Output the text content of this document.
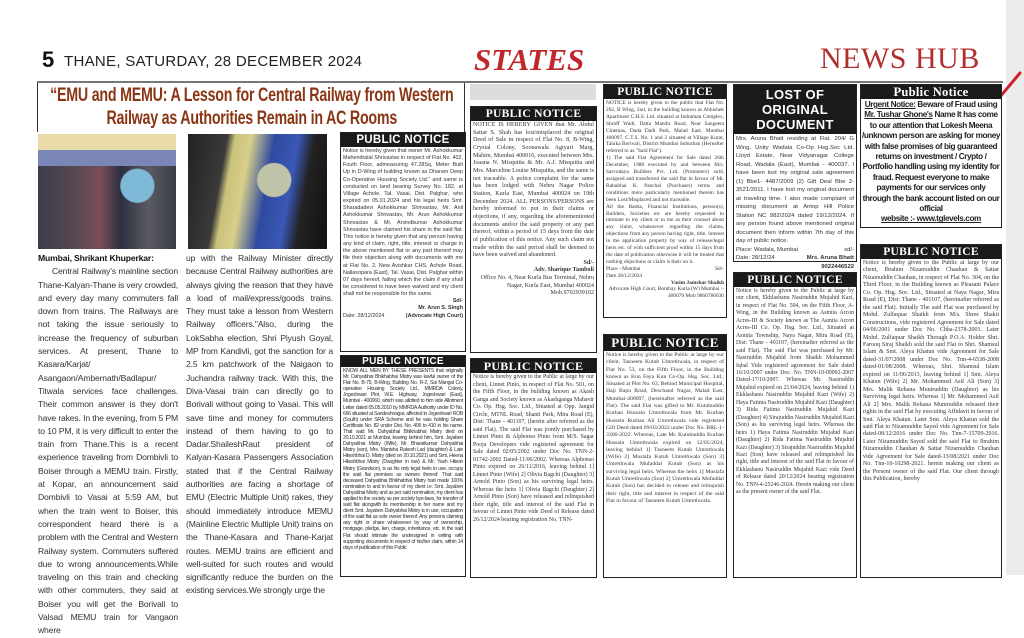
5 THANE, SATURDAY, 28 DECEMBER 2024	STATES	NEWS HUB
“EMU and MEMU: A Lesson for Central Railway from Western Railway as Authorities Remain in AC Rooms
Mumbai, Shrikant Khuperkar:
Central Railway's mainline section Thane-Kalyan-Thane is very crowded, and every day many commuters fall down from trains. The Railways are not taking the issue seriously to increase the frequency of suburban services. At present, Thane to Kasara/Karjat/ Asangaon/Ambernath/Badlapur/ Titwala services face challenges. Their common answer is they don't have rakes. In the evening, from 5 PM to 10 PM, it is very difficult to enter the train from Thane.This is a recent experience traveling from Dombivli to Boiser through a MEMU train. Firstly, at Kopar, an announcement said Dombivli to Vasai at 5:59 AM, but when the train went to Boiser, this correspondent heard there is a problem with the Central and Western Railway system. Commuters suffered due to wrong announcements.While traveling on this train and checking with other commuters, they said at Boiser you will get the Borivali to Valsad MEMU train for Vangaon where
up with the Railway Minister directly because Central Railway authorities are always giving the reason that they have a load of mail/express/goods trains. They must take a lesson from Western Railway officers."Also, during the LokSabha election, Shri Piyush Goyal, MP from Kandivli, got the sanction for a 2.5 km patchwork of the Naigaon to Juchandra railway track. With this, the Diva-Vasai train can directly go to Borivali without going to Vasai. This will save time and money for commuters instead of them having to go to Dadar.ShaileshRaut president of Kalyan-Kasara Passengers Association stated that if the Central Railway authorities are facing a shortage of EMU (Electric Multiple Unit) rakes, they should immediately introduce MEMU (Mainline Electric Multiple Unit) trains on the Thane-Kasara and Thane-Karjat routes. MEMU trains are efficient and well-suited for such routes and would significantly reduce the burden on the existing services.We strongly urge the
PUBLIC NOTICE

Notice is hereby given that owner Mr. Ashokkumar Mahendralal Shrivastav in respect of Flat No. 402, Fouth Floor, admeasuring 47.28Sq. Meter Built Up in D-Wing of building known as Dharam Deep Co-Operative Housing Society Ltd." and same is conducted on land bearing Survey No. 182, at Village Achole, Tal. Vasai, Dist. Palghar, who expired on 05.01.2024 and his legal heirs Smt. Sharadadevi Ashokkumar Shrivastav, Mr. Anil Ashokkumar Shrivastav, Mr. Arun Ashokkumar Shrivastav & Mr. Arvindkumar Ashokkumar Shrivastav have claimed his share in the said flat. This notice is hereby given that any person having any kind of claim, right, title, interest or charge in the above mentioned flat or any part thereof may file their objection along with documents with me at Flat No. 2, New Avishkar CHS, Achole Road, Nallasopara (East), Tal. Vasai, Dist. Palghar within 07 days hereof, failing which the claim if any shall be considered to have been waived and my client shall not be responsible for the same.

Sd/-
Mr. Arun S. Singh
Date: 28/12/2024	(Advocate High Court)
PUBLIC NOTICE
KNOW ALL MEN BY THESE PRESENTS that originally Mr. Dahyabhai Bhikhabhai Mistry was lawful owner of the Flat No. B-75, B-Wing, Building No. R-2, Sai Mangal Co-operative Housing Society Ltd., MMRDA Colony, Jogeshwari Plot, W.E. Highway, Jogeshwari (East), Mumbai - 400060, which was allotted to him vide Allotment Letter dated 05.05.2010 by MMRDA Authority under ID No. 666 situated at Sandeshnagar, affected in Jogeshwari ROB (South) under SRA Scheme and he was holding Share Certificate No. 82 under Dist. No. 406 to 410 in his name. That said Mr. Dahyabhai Bhikhabhai Mistry died on 20.10.2021 at Mumbai, leaving behind him, Smt. Jayaben Dahyabhai Mistry (Wife), Mr. Bharatkumar Dahyabhai Mistry (son), Mrs. Manisha Rakesh Lad (daughter) & Late Hiteshbhai D. Mistry (died on 20.10.2021) and Smt. Heena Hiteshbhai Mistry (Daughter in law) & Mr. Yash Hitesh Mistry (Grandson), is as his only legal heirs to use, occupy the said flat premises as owners thereof. That said deceased Dahyabhai Bhikhabhai Mistry had made 100% nomination to and in favour of my client i.e. Smt. Jayaben Dahyabhai Mistry and as per said nomination, my client has applied to the society as per society bye-laws, for transfer of said flat alongwith its membership in her name and my client Smt. Jayaben Dahyabhai Mistry is in use, occupation of the said flat as sole owner thereof. Any persons claiming any right or share whatsoever by way of ownership, mortgage, pledge, lien, charge, inheritance, etc. in the said Flat should intimate the undersigned in writing with supporting documents in respect of his/her claim, within 14 days of publication of this Public
PUBLIC NOTICE

NOTICE IS HEREBY GIVEN that Mr. Abdul Sattar S. Shah has lost/misplaced the original Deed of Sale in respect of Flat No. 8, B-Wing, Crystal Colony, Soonawala Agiyari Marg, Mahim, Mumbai 400016, executed between Mrs. Joaana N. Misquitta & Mr. A.J. Misquitta and Mrs. Marceline Louise Misquitta, and the same is not traceable. A police complaint for the same has been lodged with Nehru Nagar Police Station, Kurla East, Mumbai 400024 on 19th December 2024. ALL PERSONS/PERSONS are hereby informed to put in their claims or objections, if any, regarding the aforementioned documents and/or the said property or any part thereof, within a period of 15 days from the date of publication of this notice. Any such claim not made within the said period shall be deemed to have been waived and abandoned.

Sd/-
Adv. Sharique Tamboli
Office No. 4, Near Kurla Bus Terminal, Nehru Nagar, Kurla East, Mumbai 400024 Mob.9702939102
PUBLIC NOTICE
Notice is hereby given to the Public at large by our client, Linnet Pinto, in respect of Flat No. 501, on the Fifth Floor, in the building known as Akash Ganga and Society known as Akashganga Mahavir Co. Op. Hsg. Soc. Ltd., Situated at Opp. Jangid Circle, MTNL Road, Shanti Park, Mira Road (E), Dist: Thane - 401107, (herein after referred as the said Flat). The said Flat was jointly purchased by Linnet Pinto & Alphonso Pinto from M/S. Sagar Pooja Developers vide registered agreement for Sale dated 02/05/2002 under Doc No. TNN-2-01742-2002 Dated-11/06/2002. Whereas Alphonso Pinto expired on 26/11/2016, leaving behind 1] Linnet Pinto (Wife) 2] Olivia Bagchi (Daughter) 3] Arnold Pinto (Son) as his surviving legal heirs. Whereas the heirs 1] Olivia Bagchi (Daughter) 2] Arnold Pinto (Son) have released and relinquished their right, title and interest of the said Flat in favour of Linnet Pinto vide Deed of Release dated 26/12/2024 bearing registration No. TNN-
PUBLIC NOTICE

NOTICE is hereby given to the public that Flat No. 202, B Wing, 2nd, in the building known as Abhishek Apartment C.H.S. Ltd. situated at Indraman Complex, Shroff Wadi, Datta Mandir Road, Near Sangeeta Cinemas, Dada Dadi Park, Malad East, Mumbai 400097, C.T.S. No. 1 and 2 situated at Village Kurar, Taluka Borivali, District Mumbai Suburban (Hereafter referred to as "Said Flat").

1) The said Flat Agreement for Sale dated 26th December, 1988 executed by and between M/s. Sarvodaya Builders Pvt. Ltd. (Promoters) sold, assigned and transferred the said flat in favour of Mr. Bahubhai K. Panchal (Purchaser) terms and conditions more particularly mentioned therein has been Lost/Misplaced and not traceable.

All the Banks, Financial Institutions, person(s), Builders, Societies etc are hereby requested to intimate to my client or to me as their counsel about any claim, whatsoever regarding the claims, objections from any person having right, title, interest in the application property by way of release/legal heirs etc. of with sufficient proof within 15 days from the date of publication otherwise it will be treated that nothing objections or claim is their on it.

Place - Mumbai	Sd/-
Date 28/12/2024
Vasim Jamshar Shaikh
Advocate High Court, Bombay Kurla (W) Mumbai :- 400070 Mob 9860786030
PUBLIC NOTICE
Notice is hereby given to the Public at large by our client, Tasneem Kutub Umrethwala, in respect of Flat No. 53, on the Fifth Floor, in the Building known as Kun Faya Kun Co-Op. Hsg. Soc. Ltd., Situated at Plot No. 63, Behind Municipal Hospital, Haji Bapu Road, Deschand Nagar, Malad East, Mumbai-400097, (hereinafter referred as the said Flat). The said Flat was gifted to Mr. Kutubuddin Kurban Hussain Umrethwala from Mr. Kurban Hussein Rushan Ali Umrethwala vide registered Gift Deed dated 09/03/2022 under Doc No. BRL-1-3306-2022. Whereas, Late Mr. Kutubuddin Kurban Hussain Umrethwala expired on 12/05/2024, leaving behind 1] Tasneem Kutub Umrethwala (Wife) 2] Mustafa Kutub Umrethwala (Son) 3] Umrethwala Mufaddal Kutub (Son) as his surviving legal heirs. Whereas the heirs 1] Mustafa Kutub Umrethwala (Son) 2] Umrethwala Mufaddal Kutub (Son) has decided to release and relinquish their right, title and interest in respect of the said Flat in favour of Tasneem Kutub Umrethwala.
LOST OF ORIGINAL DOCUMENT

Mrs. Aruna Bhatt residing at Flat. 204/ G Wing, Unity Wadala Co-Op Hsg.Soc Ltd. Lloyd Estate, Near Vidyanagar College Road, Wadala (East), Mumbai - 400037. I have been lost my original sale agreement (1) Bbe1- 4487/2009 (2) Gift Deal Bbe 2- 3521/2011. I have lost my original document at traveling time. I also made complaint of missing document at Antop Hill Police Station NC 982/2024 dated 19/12/2024. If any person found above mentioned original document then inform within 7th day of this day of public notice.

Place: Wadala, Mumbai	sd/-
Date: 28/12/24	Mrs. Aruna Bhatt
9022446522
PUBLIC NOTICE
Notice is hereby given to the Public at large by our client, Ekhlasbanu Nasiruddin Mujahid Kazi, in respect of Flat No. 504, on the Fifth Floor, A-Wing, in the Building known as Asmita Arcon Acres-III & Society known as The Asmita Arcon Acres-III Co. Op. Hsg. Soc. Ltd., Situated at Asmita Township, Naya Nagar, Mira Road (E), Dist: Thane - 401107, (hereinafter referred as the said Flat). The said Flat was purchased by Mr. Nasiruddin Mujahid from Shaikh Mohammed Iqbal Vide registered agreement for Sale dated 16/10/2007 under Doc. No. TNN-10-09092-2007 Dated-17/10/2007. Whereas Mr. Nasiruddin Mujahid expired on 21/04/2024, leaving behind 1) Ekhlasbanu Nasiruddin Mujahid Kazi (Wife) 2) Haya Fatima Nasiruddin Mujahid Kazi (Daughter) 3) Rida Fatima Nasiruddin Mujahid Kazi (Daughter) 4) Sirajuddin Nasiruddin Mujahid Kazi (Son) as his surviving legal heirs. Whereas the heirs 1) Haya Fatima Nasiruddin Mujahid Kazi (Daughter) 2) Rida Fatima Nasiruddin Mujahid Kazi (Daughter) 3) Sirajuddin Nasiruddin Mujahid Kazi (Son) have released and relinquished his right, title and interest of the said Flat in favour of Ekhlasbanu Nasiruddin Mujahid Kazi vide Deed of Release dated 20/12/2024 bearing registration No. TNN-4-25246-2024. Herein making our client as the present owner of the said Flat.
Public Notice
Urgent Notice: Beware of Fraud using Mr. Tushar Ghone's Name It has come to our attention that Lokesh Meena /unknown person are asking for money with false promises of big guaranteed returns on investment / Crypto / Portfolio handling using my identity for fraud. Request everyone to make payments for our services only through the bank account listed on our official
website :- www.tglevels.com
PUBLIC NOTICE
Notice is hereby given to the Public at large by our client, Ibrahim Nizamuddin Chauhan & Sattar Nizamuddin Chauhan, in respect of Flat No. 304, on the Third Floor, in the Building known as Pleasant Palace Co. Op. Hsg. Soc. Ltd., Situated at Naya Nagar, Mira Road (E), Dist: Thane - 401107, (hereinafter referred as the said Flat). Initially The said Flat was purchased by Mohd. Zulfaquar Shaikh from M/s. Shree Shakti Constructions, vide registered Agreement for Sale dated 04/06/2001 under Doc No. Chha-2378-2001. Later Mohd. Zulfaquar Shaikh Through P.O.A. Holder Shri. Farooq Siraj Shaikh sold the said Flat to Shri. Shamsul Islam & Smt. Aleya Khatun vide Agreement for Sale dated-31/07/2008 under Doc No. Tnn-4-6538-2008 dated-01/08/2008. Whereas, Shri. Shamsul Islam expired on 11/06/2013, leaving behind 1] Smt. Aleya Khatun (Wife) 2] Mr. Mohammed Asif Ali (Son) 3] Mrs. Malik Rehana Muniruddin (Daughter) as his Surviving legal heirs. Whereas 1] Mr. Mohammed Asif Ali 2] Mrs. Malik Rehana Muniruddin released their rights in the said Flat by executing Affidavit in favour of Smt. Aleya Khatun. Later Smt. Aleya Khatun sold the said Flat to Nizamuddin Sayed vide Agreement for Sale dated-08/12/2016 under Doc No. Tnn-7-15709-2016. Later Nizamuddin Sayed sold the said Flat to Ibrahim Nizamuddin Chauhan & Sattar Nizamuddin Chauhan vide Agreement for Sale dated-13/08/2021 under Doc No. Tnn-10-10298-2021. herein making our client as the Present owner of the said Flat. Our client through this Publication, hereby
